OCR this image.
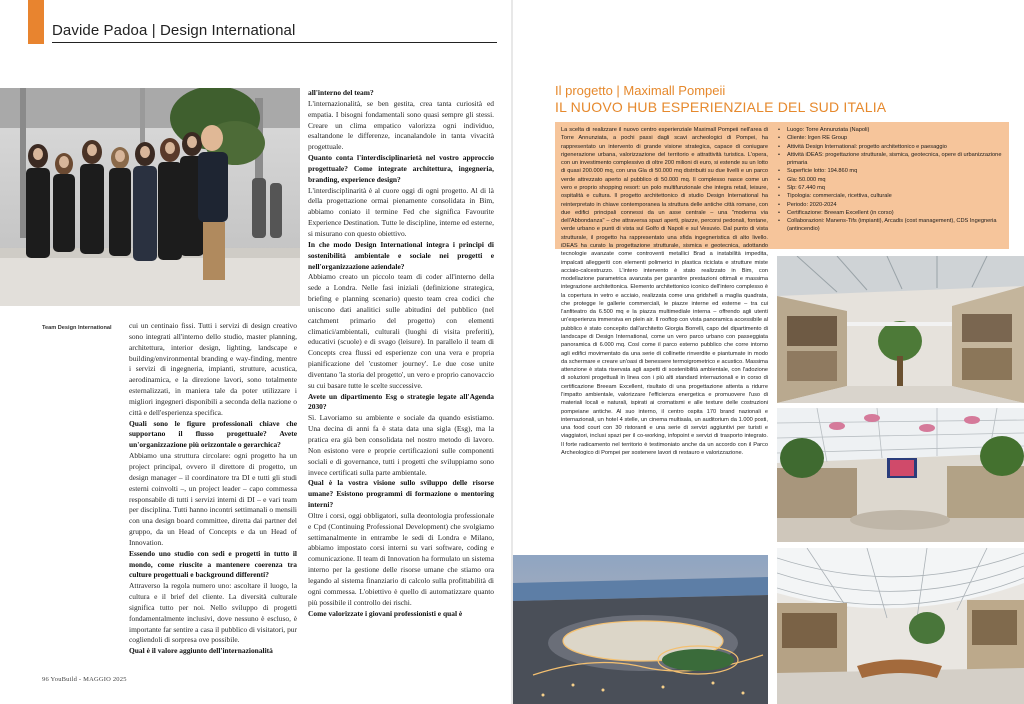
Davide Padoa | Design International
Team Design International cui un centinaio fissi. Tutti i servizi di design creativo sono integrati all'interno dello studio, master planning, architettura, interior design, lighting, landscape e building/environmental branding e way-finding, mentre i servizi di ingegneria, impianti, strutture, acustica, aerodinamica, e la direzione lavori, sono totalmente esternalizzati, in maniera tale da poter utilizzare i migliori ingegneri disponibili a seconda della nazione o città e dell'esperienza specifica.

Quali sono le figure professionali chiave che supportano il flusso progettuale? Avete un'organizzazione più orizzontale o gerarchica?

Abbiamo una struttura circolare: ogni progetto ha un project principal, ovvero il direttore di progetto, un design manager – il coordinatore tra DI e tutti gli studi esterni coinvolti –, un project leader – capo commessa responsabile di tutti i servizi interni di DI – e vari team per disciplina. Tutti hanno incontri settimanali o mensili con una design board committee, diretta dai partner del gruppo, da un Head of Concepts e da un Head of Innovation.

Essendo uno studio con sedi e progetti in tutto il mondo, come riuscite a mantenere coerenza tra culture progettuali e background differenti?

Attraverso la regola numero uno: ascoltare il luogo, la cultura e il brief del cliente. La diversità culturale significa tutto per noi. Nello sviluppo di progetti fondamentalmente inclusivi, dove nessuno è escluso, è importante far sentire a casa il pubblico di visitatori, pur cogliendoli di sorpresa ove possibile.

Qual è il valore aggiunto dell'internazionalità

all'interno del team?

L'internazionalità, se ben gestita, crea tanta curiosità ed empatia. I bisogni fondamentali sono quasi sempre gli stessi. Creare un clima empatico valorizza ogni individuo, esaltandone le differenze, incanalandole in tanta vivacità progettuale.

Quanto conta l'interdisciplinarietà nel vostro approccio progettuale? Come integrate architettura, ingegneria, branding, experience design?

L'interdisciplinarità è al cuore oggi di ogni progetto. Al di là della progettazione ormai pienamente consolidata in Bim, abbiamo coniato il termine Fed che significa Favourite Experience Destination. Tutte le discipline, interne ed esterne, si misurano con questo obiettivo.

In che modo Design International integra i principi di sostenibilità ambientale e sociale nei progetti e nell'organizzazione aziendale?

Abbiamo creato un piccolo team di coder all'interno della sede a Londra. Nelle fasi iniziali (definizione strategica, briefing e planning scenario) questo team crea codici che uniscono dati analitici sulle abitudini del pubblico (nel catchment primario del progetto) con elementi climatici/ambientali, culturali (luoghi di visita preferiti), educativi (scuole) e di svago (leisure). In parallelo il team di Concepts crea flussi ed esperienze con una vera e propria pianificazione del 'customer journey'. Le due cose unite diventano 'la storia del progetto', un vero e proprio canovaccio su cui basare tutte le scelte successive.

Avete un dipartimento Esg o strategie legate all'Agenda 2030?

Sì. Lavoriamo su ambiente e sociale da quando esistiamo. Una decina di anni fa è stata data una sigla (Esg), ma la pratica era già ben consolidata nel nostro metodo di lavoro. Non esistono vere e proprie certificazioni sulle componenti sociali e di governance, tutti i progetti che sviluppiamo sono invece certificati sulla parte ambientale.

Qual è la vostra visione sullo sviluppo delle risorse umane? Esistono programmi di formazione o mentoring interni?

Oltre i corsi, oggi obbligatori, sulla deontologia professionale e Cpd (Continuing Professional Development) che svolgiamo settimanalmente in entrambe le sedi di Londra e Milano, abbiamo impostato corsi interni su vari software, coding e comunicazione. Il team di Innovation ha formulato un sistema interno per la gestione delle risorse umane che stiamo ora legando al sistema finanziario di calcolo sulla profittabilità di ogni commessa. L'obiettivo è quello di automatizzare quanto più possibile il controllo dei rischi.

Come valorizzate i giovani professionisti e qual è

96 YouBuild - MAGGIO 2025
Il progetto | Maximall Pompeii
IL NUOVO HUB ESPERIENZIALE DEL SUD ITALIA
La scelta di realizzare il nuovo centro esperienziale Maximall Pompeii nell'area di Torre Annunziata, a pochi passi dagli scavi archeologici di Pompei, ha rappresentato un intervento di grande visione strategica, capace di coniugare rigenerazione urbana, valorizzazione del territorio e attrattività turistica. L'opera, con un investimento complessivo di oltre 200 milioni di euro, si estende su un lotto di quasi 200.000 mq, con una Gla di 50.000 mq distribuiti su due livelli e un parco verde attrezzato aperto al pubblico di 50.000 mq. Il complesso nasce come un vero e proprio shopping resort: un polo multifunzionale che integra retail, leisure, ospitalità e cultura. Il progetto architettonico di studio Design International ha reinterpretato in chiave contemporanea la struttura delle antiche città romane, con due edifici principali connessi da un asse centrale – una "moderna via dell'Abbondanza" – che attraversa spazi aperti, piazze, percorsi pedonali, fontane, verde urbano e punti di vista sul Golfo di Napoli e sul Vesuvio. Dal punto di vista strutturale, il progetto ha rappresentato una sfida ingegneristica di alto livello. iDEAS ha curato la progettazione strutturale, sismica e geotecnica, adottando tecnologie avanzate come controventi metallici Brad a instabilità impedita, impalcati alleggeriti con elementi polimerici in plastica riciclata e strutture miste acciaio-calcestruzzo. L'intero intervento è stato realizzato in Bim, con modellazione parametrica avanzata per garantire prestazioni ottimali e massima integrazione architettonica. Elemento architettonico iconico dell'intero complesso è la copertura in vetro e acciaio, realizzata come una gridshell a maglia quadrata, che protegge le gallerie commerciali, le piazze interne ed esterne – tra cui l'anfiteatro da 6.500 mq e la piazza multimediale interna – offrendo agli utenti un'esperienza immersiva en plein air. Il rooftop con vista panoramica accessibile al pubblico è stato concepito dall'architetto Giorgia Borrelli, capo del dipartimento di landscape di Design International, come un vero parco urbano con passeggiata panoramica di 6.000 mq. Così come il parco esterno pubblico che corre intorno agli edifici movimentato da una serie di collinette rinverdite e piantumate in modo da schermare e creare un'oasi di benessere termoigrometrico e acustico. Massima attenzione è stata riservata agli aspetti di sostenibilità ambientale, con l'adozione di soluzioni progettuali in linea con i più alti standard internazionali e in corso di certificazione Breeam Excellent, risultato di una progettazione attenta a ridurre l'impatto ambientale, valorizzare l'efficienza energetica e promuovere l'uso di materiali locali e naturali, ispirati ai cromatismi e alle texture delle costruzioni pompeiane antiche. Al suo interno, il centro ospita 170 brand nazionali e internazionali, un hotel 4 stelle, un cinema multisala, un auditorium da 1.000 posti, una food court con 30 ristoranti e una serie di servizi aggiuntivi per turisti e viaggiatori, inclusi spazi per il co-working, infopoint e servizi di trasporto integrato. Il forte radicamento nel territorio è testimoniato anche da un accordo con il Parco Archeologico di Pompei per sostenere lavori di restauro e valorizzazione.
• Luogo: Torre Annunziata (Napoli)
• Cliente: Irgen RE Group
• Attività Design International: progetto architettonico e paesaggio
• Attività iDEAS: progettazione strutturale, sismica, geotecnica, opere di urbanizzazione primaria
• Superficie lotto: 194.860 mq
• Gla: 50.000 mq
• Slp: 67.440 mq
• Tipologia: commerciale, ricettiva, culturale
• Periodo: 2020-2024
• Certificazione: Breeam Excellent (in corso)
• Collaborazioni: Manens-Tifs (impianti), Arcadis (cost management), CDS Ingegneria (antincendio)
